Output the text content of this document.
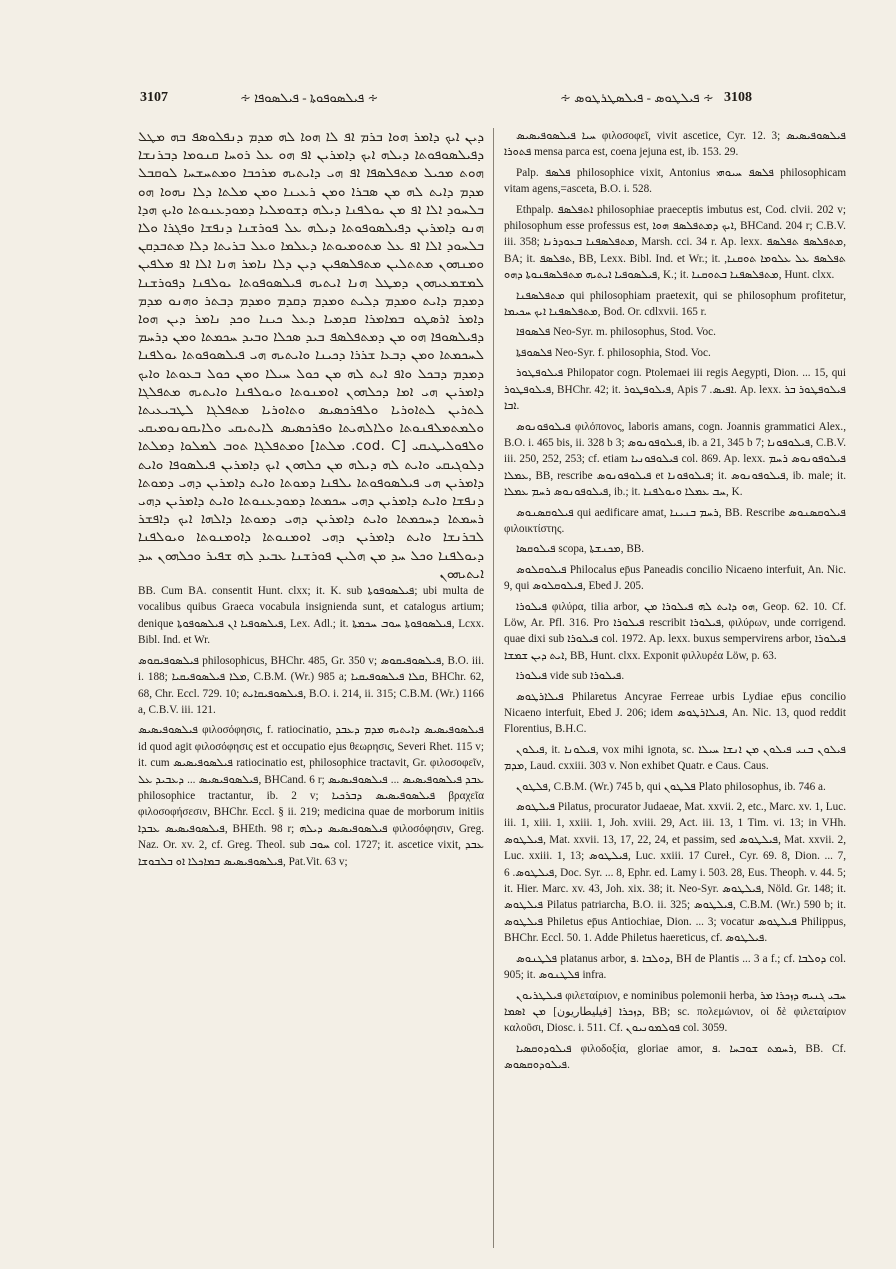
3107	∻ ܦܝܠܣܘܦܘܬܐ - ܦܝܠܣܘܦܐ ∻	∻ ܦܝܠܛܘܣ - ܦܝܠܣܛܪܛܘܣ ∻ 3108
ܕܝܢ ܐܝܟ ܕܐܡܪ ܗܘܐ ܒܪܡ ܐܦ ܠܐ ܗܘܐ ܠܗ ܡܕܡ ܕܢܦܠܘܣܦ ܒܗ ܡܛܠ ܕܦܝܠܣܘܦܘܬܐ ܕܝܠܗ ܐܝܟ ܕܐܡܪܝܢ ܐܦ ܗܘ ܥܠ ܪܘܚܐ ܩܢܘܡܐ ܕܒܪܢܫܐ ܗܘܬ ܡܟܝܠ ܡܬܦܠܣܦܐ ܐܦ ܗܝ ܕܐܝܬܝܗ ܡܪܟܒܐ ܘܡܬܚܫܚܐ ܠܘܩܒܠ ܡܕܡ ܕܐܝܬ ܠܗ ܡܢ ܣܒܪܐ ܘܡܢ ܪܥܝܢܐ ܘܡܢ ܡܠܬܐ ܕܠܐ ܢܗܘܐ ܗܘ ܒܠܚܘܕ ܐܠܐ ܐܦ ܡܢ ܝܘܠܦܢܐ ܕܝܠܗ ܕܫܘܡܠܝܐ ܕܡܘܕܥܢܘܬܐ ܘܐܝܟ ܗܕܐ ܗܢܘ ܕܐܡܪܝܢ ܕܦܝܠܣܘܦܘܬܐ ܕܝܠܗ ܥܠ ܦܘܪܫܢܐ ܕܢܦܫܐ ܘܦܓܪܐ ܘܠܐ ܒܠܚܘܕ ܐܠܐ ܐܦ ܥܠ ܡܬܘܡܝܘܬܐ ܕܥܠܡܐ ܘܥܠ ܒܪܝܬܐ ܕܠܐ ܡܬܒܕܩܢ ܘܡܢܗܘܢ ܡܬܬܠܝܢ ܡܬܦܠܣܦܝܢ ܕܝܢ ܕܠܐ ܢܐܡܪ ܗܢܐ ܐܠܐ ܐܦ ܡܠܦܝܢ ܠܡܫܡܥܝܗܘܢ ܕܡܛܠ ܗܢܐ ܐܝܬܝܗ ܦܝܠܣܘܦܘܬܐ ܝܘܠܦܢܐ ܕܦܘܪܫܢܐ ܕܡܕܡ ܕܐܝܬ ܘܡܕܡ ܕܠܝܬ ܘܡܕܡ ܕܩܕܡ ܘܡܕܡ ܕܒܬܪ ܘܗܢܘ ܡܕܡ ܕܐܡܪ ܐܪܣܛܘ ܒܡܐܡܪܐ ܩܕܡܝܐ ܕܥܠ ܟܝܢܐ ܘܟܕ ܢܐܡܪ ܕܝܢ ܗܘܐ ܕܦܝܠܣܘܦܐ ܗܘ ܡܢ ܕܡܬܦܠܣܦ ܒܝܕ ܣܟܠܐ ܘܒܝܕ ܚܟܡܬܐ ܘܡܢ ܕܪܚܡ ܠܚܟܡܬܐ ܘܡܢ ܕܒܥܐ ܫܪܪܐ ܕܟܝܢܐ ܘܐܝܬܝܗ ܗܝ ܦܝܠܣܘܦܘܬܐ ܝܘܠܦܢܐ ܕܡܕܡ ܕܒܟܠ ܘܐܦ ܐܝܬ ܠܗ ܡܢ ܟܘܠ ܚܝܠܐ ܘܡܢ ܟܘܠ ܒܥܘܬܐ ܘܐܝܟ ܕܐܡܪܝܢ ܗܝ ܐܡܐ ܕܟܠܗܘܢ ܐܘܡܢܘܬܐ ܘܝܘܠܦܢܐ ܘܐܝܬܝܗ ܡܬܦܠܓܐ ܠܬܪܝܢ ܠܬܐܘܪܝܐ ܘܠܦܪܟܣܝܣ ܘܬܐܘܪܝܐ ܡܬܦܠܓܐ ܠܛܒܝܥܝܬܐ ܘܠܡܬܡܠܦܢܘܬܐ ܘܠܐܠܗܝܬܐ ܘܦܪܟܣܝܣ ܠܐܝܬܝܩܝ ܘܠܐܝܩܘܢܘܡܝܩܝ ܘܠܦܘܠܝܛܝܩܝ [cod. C. ܡܠܬܐ] ܘܡܬܦܠܓܐ ܬܘܒ ܠܡܠܘܐ ܕܡܠܬܐ ܕܠܘܓܝܩܝ ܘܐܝܬ ܠܗ ܕܝܠܗ ܡܢ ܟܠܗܘܢ ܐܝܟ ܕܐܡܪܝܢ ܦܝܠܣܘܦܐ ܘܐܝܬ ܕܐܡܪܝܢ ܗܝ ܦܝܠܣܘܦܘܬܐ ܝܠܦܢܐ ܕܡܘܬܐ ܘܐܝܬ ܕܐܡܪܝܢ ܕܗܝ ܕܡܘܬܐ ܕܢܦܫܐ ܘܐܝܬ ܕܐܡܪܝܢ ܕܗܝ ܚܟܡܬܐ ܕܡܘܕܥܢܘܬܐ ܘܐܝܬ ܕܐܡܪܝܢ ܕܗܝ ܪܚܡܬܐ ܕܚܟܡܬܐ ܘܐܝܬ ܕܐܡܪܝܢ ܕܗܝ ܕܡܘܬܐ ܕܐܠܗܐ ܐܝܟ ܕܐܦܫܪ ܠܒܪܢܫܐ ܘܐܝܬ ܕܐܡܪܝܢ ܕܗܝ ܐܘܡܢܘܬܐ ܕܐܘܡܢܘܬܐ ܘܝܘܠܦܢܐ ܕܝܘܠܦܢܐ ܘܟܠ ܚܕ ܡܢ ܗܠܝܢ ܦܘܪܫܢܐ ܥܒܝܕ ܠܗ ܫܦܝܪ ܘܟܠܗܘܢ ܚܕ ܐܝܬܝܗܘܢ

BB. Cum BA. consentit Hunt. clxx; it. K. sub ܦܝܠܣܘܦܘܬܐ; ubi multa de vocalibus quibus Graeca vocabula insignienda sunt, et catalogus artium; denique ܦܝܠܣܘܦܝܐ ܐܢ ܦܝܠܣܘܦܘܬܐ, Lex. Adl.; it. ܦܝܠܣܘܦܘܬܐ ܚܘܒ ܚܟܡܬܐ, Lcxx. Bibl. Ind. et Wr.

ܦܝܠܣܘܦܝܩܘܣ philosophicus, BHChr. 485, Gr. 350 v; ܦܝܠܣܘܦܝܩܘܣ, B.O. iii. i. 188; ܡܠܐ ܦܝܠܣܘܦܝܩܝܐ, C.B.M. (Wr.) 985 a; ܩܠܐ ܦܝܠܣܘܦܝܩܝܐ, BHChr. 62, 68, Chr. Eccl. 729. 10; ܦܝܠܣܘܦܝܩܐܝܬ, B.O. i. 214, ii. 315; C.B.M. (Wr.) 1166 a, C.B.V. iii. 121.

ܦܝܠܣܘܦܝܣܝܣ φιλοσόφησις, f. ratiocinatio, ܦܝܠܣܘܦܝܣܝܣ ܕܐܝܬܝܗ ܡܕܡ ܕܥܒܕ id quod agit φιλοσόφησις est et occupatio ejus θεωρησις, Severi Rhet. 115 v; it. cum ܦܝܠܣܘܦܝܣܝܣ ratiocinatio est, philosophice tractavit, Gr. φιλοσοφεῖν, ܦܝܠܣܘܦܝܣܝܣ ... ܕܥܒܝܕ ܥܠ, BHCand. 6 r; ܥܒܕ ܦܝܠܣܘܦܝܣܝܣ ... ܦܝܠܣܘܦܝܣܝܣ philosophice tractantur, ib. 2 v; ܦܝܠܣܘܦܝܣܝܣ ܕܒܪܟܝܐ βραχεῖα φιλοσοφήσεσιν, BHChr. Eccl. § ii. 219; medicina quae de morborum initiis ܦܝܠܣܘܦܝܣܝܣ ܥܒܕܐ, BHEth. 98 r; ܦܝܠܣܘܦܝܣܝܣ ܕܝܠܗ φιλοσόφησιν, Greg. Naz. Or. xv. 2, cf. Greg. Theol. sub ܚܘܒ col. 1727; it. ascetice vixit, ܥܒܕ ܦܝܠܣܘܦܝܣܝܣ ܒܡܐܟܠܐ ܐܘ ܒܠܒܘܫܐ, Pat.Vit. 63 v;

ܚܝܐ ܦܝܠܣܘܦܝܣܝܣ φιλοσοφεῖ, vivit ascetice, Cyr. 12. 3; ܦܝܠܣܘܦܝܣܝܣ ܦܬܘܪܐ mensa parca est, coena jejuna est, ib. 153. 29.

Palp. ܦܠܣܦ philosophice vixit, Antonius ܦܠܣܦ ܚܝܘܗܝ philosophicam vitam agens,=asceta, B.O. i. 528.

Ethpalp. ܐܬܦܠܣܦ philosophiae praeceptis imbutus est, Cod. clvii. 202 v; philosophum esse professus est, ܐܝܟ ܕܡܬܦܠܣܦ ܗܘܐ, BHCand. 204 r; C.B.V. iii. 358; ܡܬܦܠܣܦܢܐ ܒܥܘܕܪܢܐ, Marsh. cci. 34 r. Ap. lexx. ܡܬܦܠܣܦ ܬܦܠܣܦ, BA; it. ܬܦܠܣܦ, BB, Lexx. Bibl. Ind. et Wr.; it. ܬܦܠܣܦ ܥܠ ܥܠܘܡܐ ܬܘܩܢܐ, ܦܝܠܣܘܦܝܐ ܐܝܬܝܗ ܡܬܦܠܣܦܢܘܬܐ ܕܗܘ, K.; it. ܡܬܦܠܣܦܢܐ ܒܬܘܩܢܐ, Hunt. clxx.

ܡܬܦܠܣܦܢܐ qui philosophiam praetexit, qui se philosophum profitetur, ܡܬܦܠܣܦܢܐ ܐܝܟ ܚܟܝܡܐ, Bod. Or. cdlxvii. 165 r.

ܦܠܣܘܦܐ Neo-Syr. m. philosophus, Stod. Voc.

ܦܠܣܘܦܬܐ Neo-Syr. f. philosophia, Stod. Voc.

ܦܝܠܘܦܛܘܪ Philopator cogn. Ptolemaei iii regis Aegypti, Dion. ... 15, qui ܦܝܠܘܦܛܘܪ, BHChr. 42; it. ܦܝܠܘܦܛܘܪ, Apis ܐܦܝܣ. 7. Ap. lexx. ܦܝܠܘܦܛܘܪ ܒܪ ܐܒܐ.

ܦܝܠܘܦܘܢܘܣ φιλόπονος, laboris amans, cogn. Joannis grammatici Alex., B.O. i. 465 bis, ii. 328 b 3; ܦܝܠܘܦܘܢܘܣ, ib. a 21, 345 b 7; ܦܝܠܘܦܘܢܐ, C.B.V. iii. 250, 252, 253; cf. etiam ܦܝܠܘܦܘܢܝܐ col. 869. Ap. lexx. ܦܝܠܘܦܘܢܘܣ ܪܚܡ ܥܡܠܐ, BB, rescribe ܦܝܠܘܦܘܢܘܣ et ܦܝܠܘܦܘܢܐ; it. ܦܝܠܘܦܘܢܘܣ, ib. male; it. ܦܝܠܘܦܘܢܘܣ ܪܚܡ ܥܡܠܐ, ib.; it. ܚܒ ܥܡܠܐ ܘܝܘܠܦܢܐ, K.

ܦܝܠܘܩܣܢܘܣ qui aedificare amat, ܪܚܡ ܒܢܝܢܐ, BB. Rescribe ܦܝܠܘܩܣܢܘܣ φιλοικτίστης.

ܦܝܠܘܩܣܐ scopa, ܡܟܢܫܬܐ, BB.

ܦܝܠܘܩܠܘܣ Philocalus ep̄us Paneadis concilio Nicaeno interfuit, An. Nic. 9, qui ܦܝܠܘܩܠܘܣ, Ebed J. 205.

ܦܝܠܘܪܐ φιλύρα, tilia arbor, ܗܘ ܕܐܝܬ ܠܗ ܦܝܠܘܪܐ ܡܢ, Geop. 62. 10. Cf. Löw, Ar. Pfl. 316. Pro ܦܝܠܘܪܐ rescribit ܦܝܠܘܪܐ, φιλύρων, unde corrigend. quae dixi sub ܦܝܠܘܪܐ col. 1972. Ap. lexx. buxus sempervirens arbor, ܦܝܠܘܪܐ ܐܝܬ ܕܝܢ ܫܡܫܐ, BB, Hunt. clxx. Exponit φιλλυρέα Löw, p. 63.

ܦܝܠܘܪܐ vide sub ܦܝܠܘܪܐ.

ܦܝܠܐܪܛܘܣ Philaretus Ancyrae Ferreae urbis Lydiae ep̄us concilio Nicaeno interfuit, Ebed J. 206; idem ܦܝܠܐܪܛܘܣ, An. Nic. 13, quod reddit Florentius, B.H.C.

ܦܝܠܘܢ, it. ܦܝܠܘܢܐ, vox mihi ignota, sc. ܦܝܠܘܢ ܒܢܝ ܦܝܠܘܢ ܡܢ ܐܢܫܐ ܚܝܠܐ ܡܕܡ, Laud. cxxiii. 303 v. Non exhibet Quatr. e Caus. Caus.

ܦܠܛܘܢ, C.B.M. (Wr.) 745 b, qui ܦܠܛܘܢ Plato philosophus, ib. 746 a.

ܦܝܠܛܘܣ Pilatus, procurator Judaeae, Mat. xxvii. 2, etc., Marc. xv. 1, Luc. iii. 1, xiii. 1, xxiii. 1, Joh. xviii. 29, Act. iii. 13, 1 Tim. vi. 13; in VHh. ܦܝܠܛܘܣ, Mat. xxvii. 13, 17, 22, 24, et passim, sed ܦܝܠܛܘܣ, Mat. xxvii. 2, Luc. xxiii. 1, 13; ܦܝܠܛܘܣ, Luc. xxiii. 17 Cureł., Cyr. 69. 8, Dion. ... 7, ܦܝܠܛܘܣ. 6, Doc. Syr. ... 8, Ephr. ed. Lamy i. 503. 28, Eus. Theoph. v. 44. 5; it. Hier. Marc. xv. 43, Joh. xix. 38; it. Neo-Syr. ܦܝܠܛܘܣ, Nöld. Gr. 148; it. ܦܝܠܛܘܣ Pilatus patriarcha, B.O. ii. 325; ܦܝܠܛܘܣ, C.B.M. (Wr.) 590 b; it. ܦܝܠܛܘܣ Philetus ep̄us Antiochiae, Dion. ... 3; vocatur ܦܝܠܛܘܣ Philippus, BHChr. Eccl. 50. 1. Adde Philetus haereticus, cf. ܦܝܠܛܘܣ.

ܦܠܛܢܘܣ platanus arbor, ܕܘܠܒܐ .ܦ, BH de Plantis ... 3 a f.; cf. ܕܘܠܒܐ col. 905; it. ܦܠܛܢܘܣ infra.

ܦܝܠܛܪܝܘܢ φιλεταίριον, e nominibus polemonii herba, ܚܒܝ ܓܢܝܗ ܕܙܟܪܐ ܡܪ ܕܙܟܪܐ [فيليطاريون] ܡܢ ܐܣܡܐ, BB; sc. πολεμώνιον, οἱ δὲ φιλεταίριον καλοῦσι, Diosc. i. 511. Cf. ܦܘܠܡܘܢܝܘܢ col. 3059.

ܦܝܠܘܕܘܩܣܝܐ φιλοδοξία, gloriae amor, ܪܚܡܬ ܫܘܒܚܐ .ܦ, BB. Cf. ܦܝܠܘܕܘܩܣܘܣ.
